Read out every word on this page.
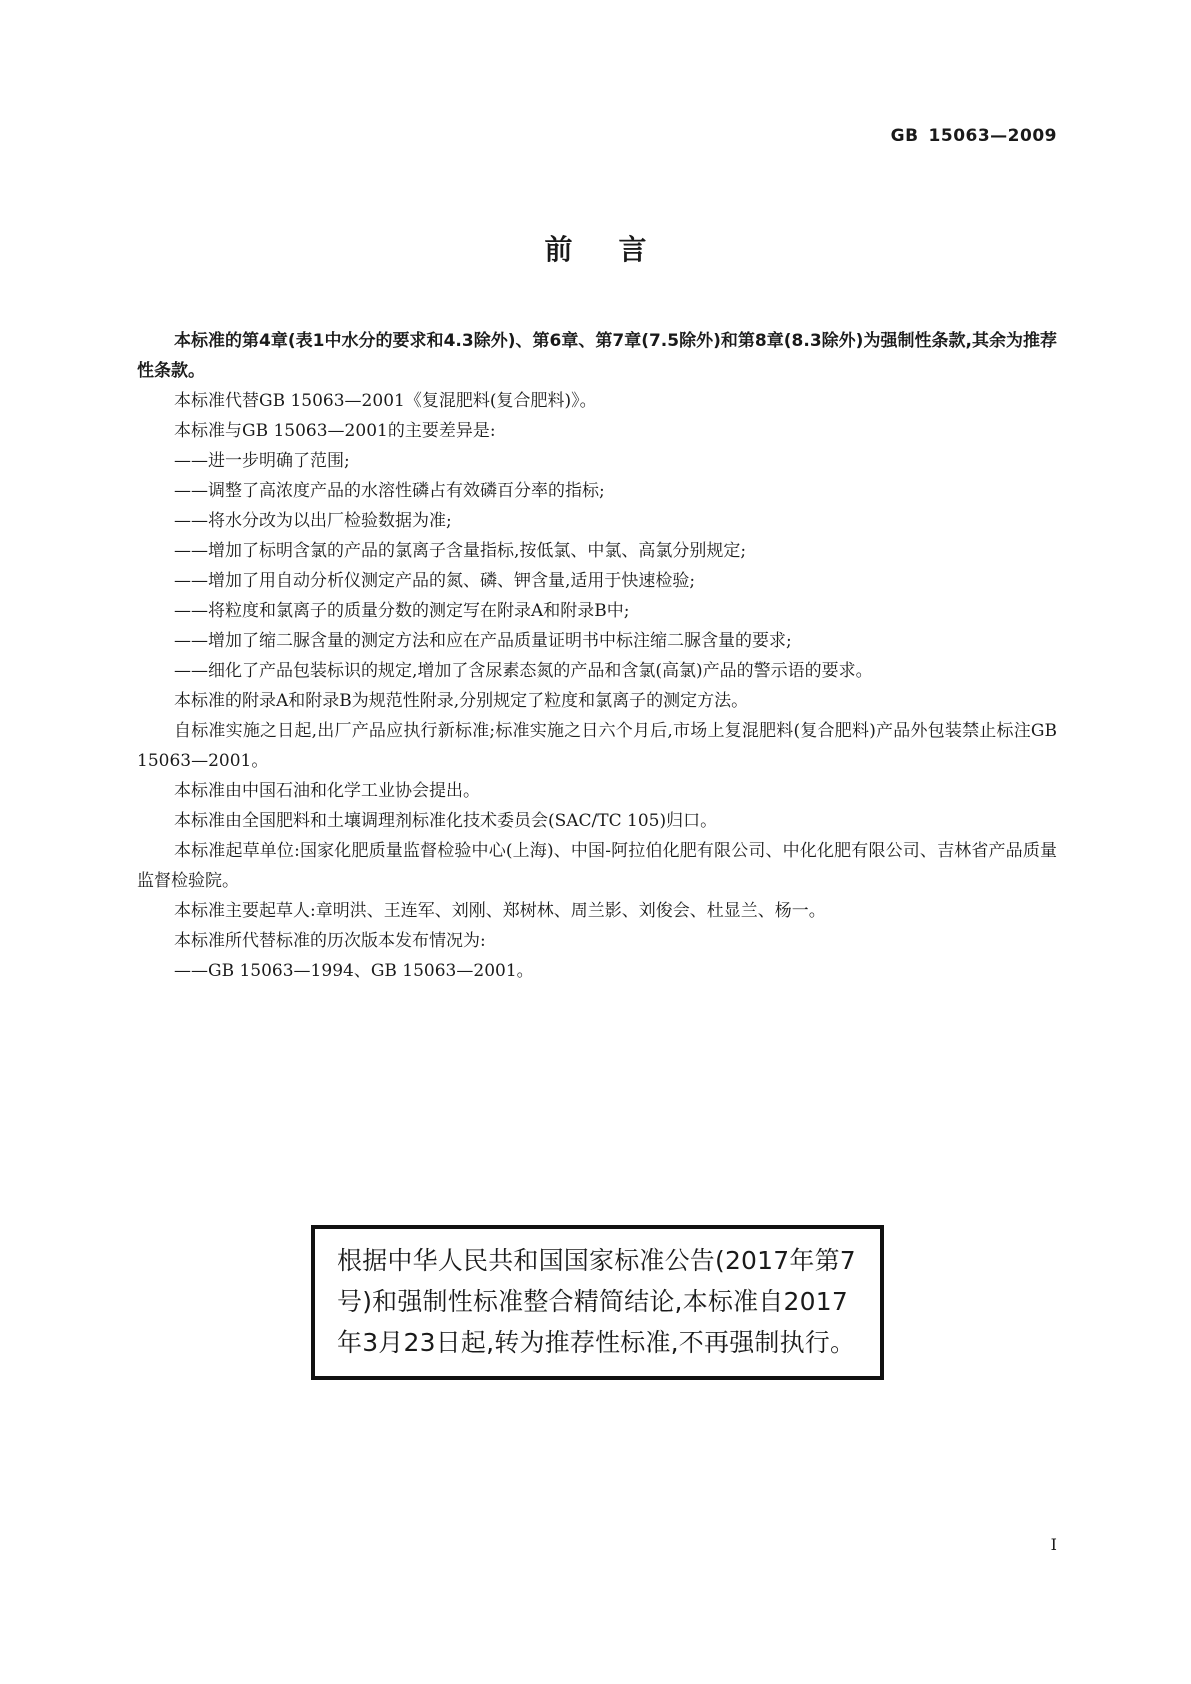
GB 15063—2009
前言

本标准的第4章(表1中水分的要求和4.3除外)、第6章、第7章(7.5除外)和第8章(8.3除外)为强制性条款,其余为推荐性条款。

本标准代替GB 15063—2001《复混肥料(复合肥料)》。

本标准与GB 15063—2001的主要差异是:

——进一步明确了范围;

——调整了高浓度产品的水溶性磷占有效磷百分率的指标;

——将水分改为以出厂检验数据为准;

——增加了标明含氯的产品的氯离子含量指标,按低氯、中氯、高氯分别规定;

——增加了用自动分析仪测定产品的氮、磷、钾含量,适用于快速检验;

——将粒度和氯离子的质量分数的测定写在附录A和附录B中;

——增加了缩二脲含量的测定方法和应在产品质量证明书中标注缩二脲含量的要求;

——细化了产品包装标识的规定,增加了含尿素态氮的产品和含氯(高氯)产品的警示语的要求。

本标准的附录A和附录B为规范性附录,分别规定了粒度和氯离子的测定方法。

自标准实施之日起,出厂产品应执行新标准;标准实施之日六个月后,市场上复混肥料(复合肥料)产品外包装禁止标注GB 15063—2001。

本标准由中国石油和化学工业协会提出。

本标准由全国肥料和土壤调理剂标准化技术委员会(SAC/TC 105)归口。

本标准起草单位:国家化肥质量监督检验中心(上海)、中国-阿拉伯化肥有限公司、中化化肥有限公司、吉林省产品质量监督检验院。

本标准主要起草人:章明洪、王连军、刘刚、郑树林、周兰影、刘俊会、杜显兰、杨一。

本标准所代替标准的历次版本发布情况为:

——GB 15063—1994、GB 15063—2001。

根据中华人民共和国国家标准公告(2017年第7号)和强制性标准整合精简结论,本标准自2017年3月23日起,转为推荐性标准,不再强制执行。
I
